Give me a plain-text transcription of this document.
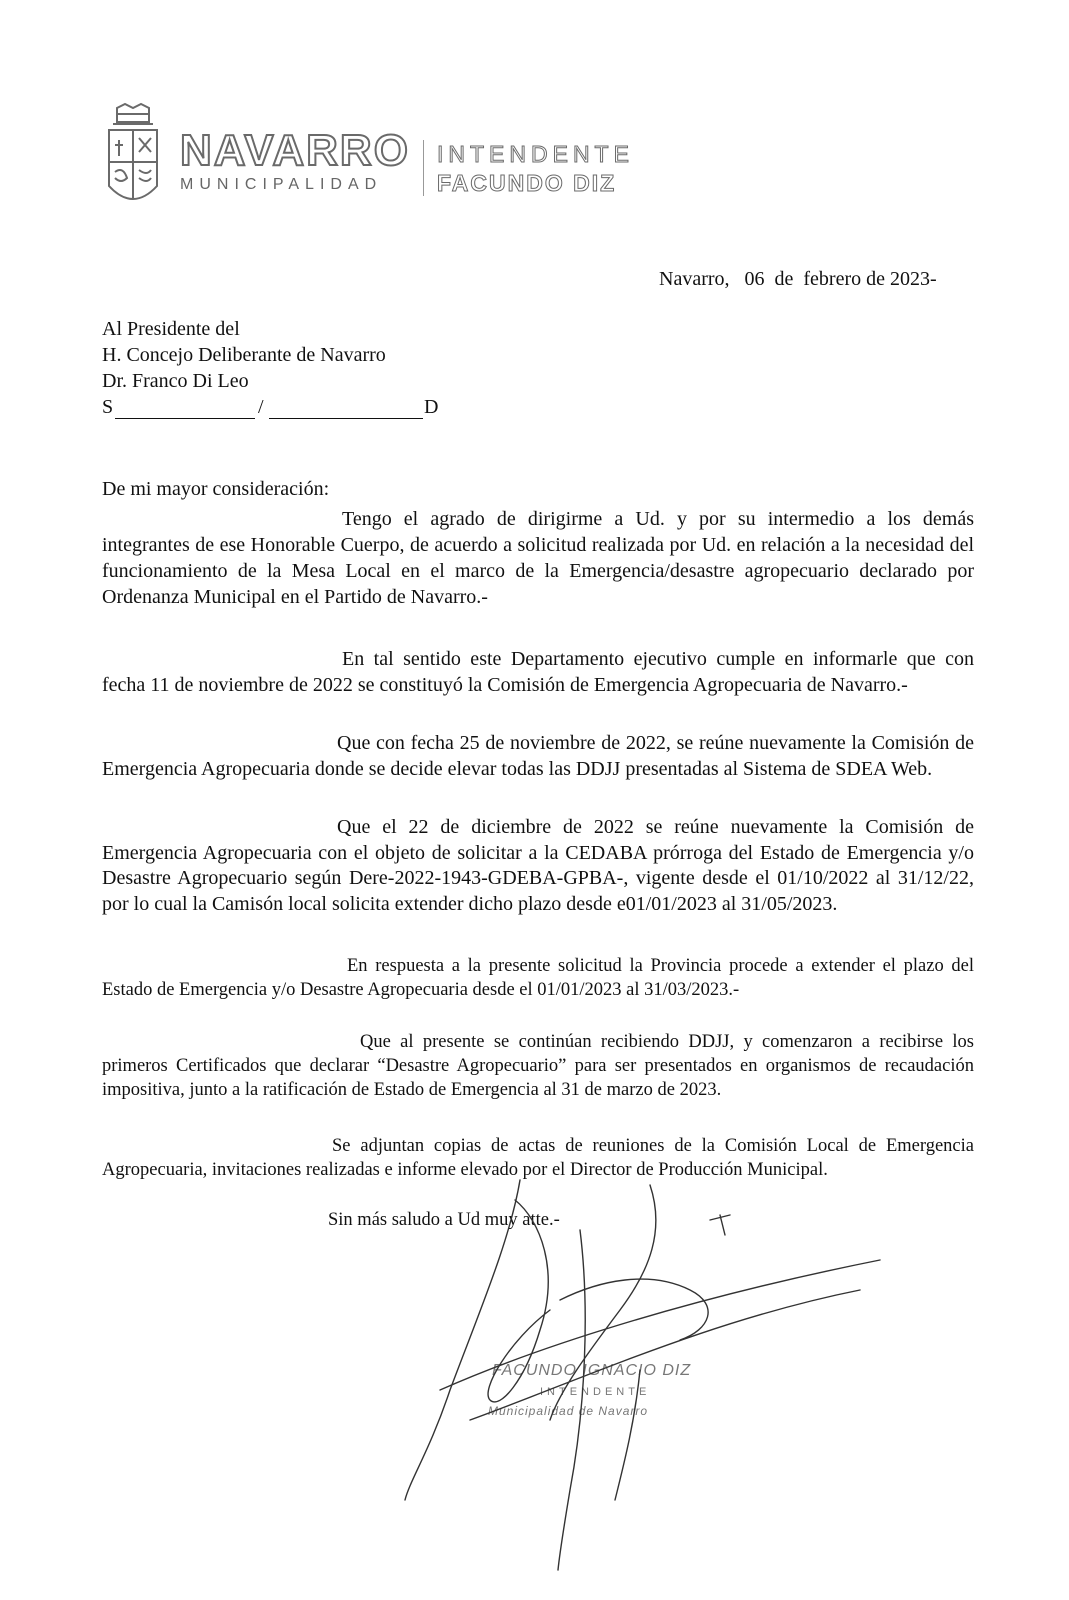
NAVARRO
MUNICIPALIDAD
INTENDENTE
FACUNDO DIZ
Navarro,   06  de  febrero de 2023-
Al Presidente del
H. Concejo Deliberante de Navarro
Dr. Franco Di Leo
S	/	D
De mi mayor consideración:

Tengo el agrado de dirigirme a Ud. y por su intermedio a los demás integrantes de ese Honorable Cuerpo, de acuerdo a solicitud realizada por Ud. en relación a la necesidad del funcionamiento de la Mesa Local en el marco de la Emergencia/desastre agropecuario declarado por Ordenanza Municipal en el Partido de Navarro.-

En tal sentido este Departamento ejecutivo cumple en informarle que con fecha 11 de noviembre de 2022 se constituyó la Comisión de Emergencia Agropecuaria de Navarro.-

Que con fecha 25 de noviembre de 2022, se reúne nuevamente la Comisión de Emergencia Agropecuaria donde se decide elevar todas las DDJJ presentadas al Sistema de SDEA Web.

Que el 22 de diciembre de 2022 se reúne nuevamente la Comisión de Emergencia Agropecuaria con el objeto de solicitar a la CEDABA prórroga del Estado de Emergencia y/o Desastre Agropecuario según Dere-2022-1943-GDEBA-GPBA-, vigente desde el 01/10/2022 al 31/12/22, por lo cual la Camisón local solicita extender dicho plazo desde e01/01/2023 al 31/05/2023.

En respuesta a la presente solicitud la Provincia procede a extender el plazo del Estado de Emergencia y/o Desastre Agropecuaria desde el 01/01/2023 al 31/03/2023.-

Que al presente se continúan recibiendo DDJJ, y comenzaron a recibirse los primeros Certificados que declarar “Desastre Agropecuario” para ser presentados en organismos de recaudación impositiva, junto a la ratificación de Estado de Emergencia al 31 de marzo de 2023.

Se adjuntan copias de actas de reuniones de la Comisión Local de Emergencia Agropecuaria, invitaciones realizadas e informe elevado por el Director de Producción Municipal.

Sin más saludo a Ud muy atte.-
FACUNDO IGNACIO DIZ
INTENDENTE
Municipalidad de Navarro
